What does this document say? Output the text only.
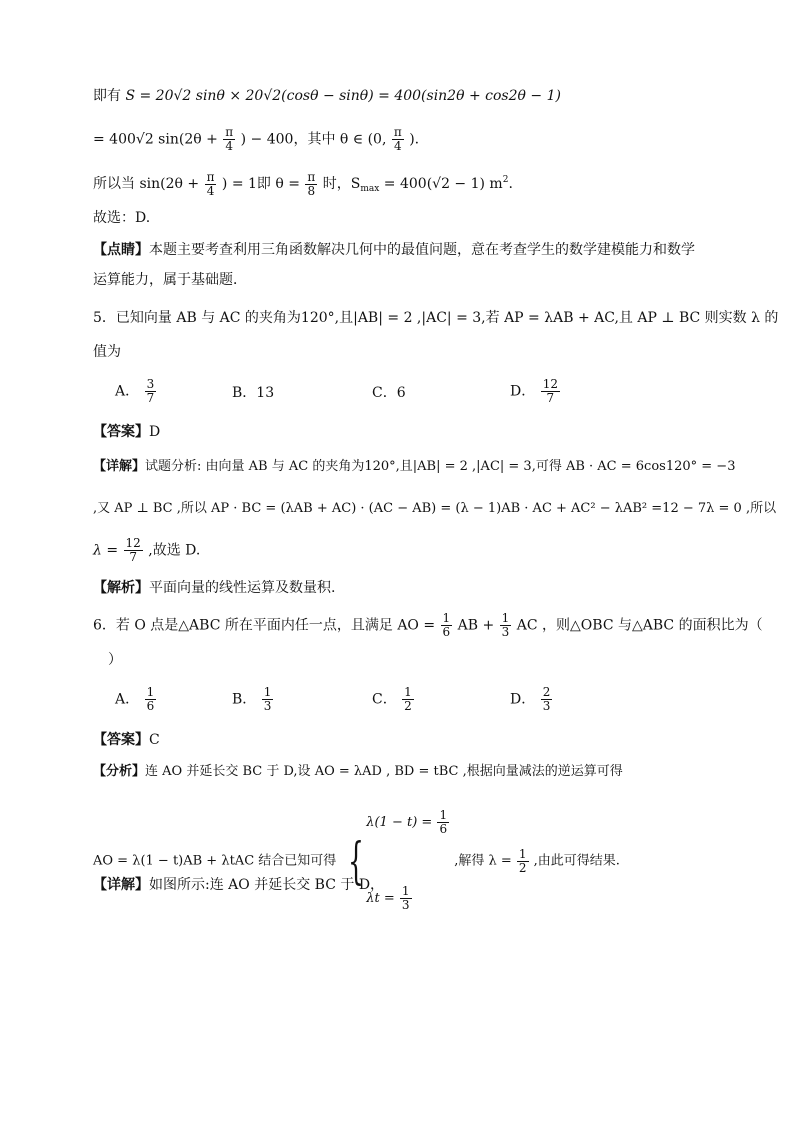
即有 S = 20√2 sinθ × 20√2(cosθ − sinθ) = 400(sin2θ + cos2θ − 1)
= 400√2 $\sin(2\theta + \frac{\pi}{4}$ ) − 400，其中 θ ∈ (0, $\frac{\pi}{4}$ ).
所以当 $\sin(2\theta + \frac{\pi}{4}$ ) = 1即 $\theta = \frac{\pi}{8}$ 时，$S_{max} = 400(√2 - 1)$ $m^2$.
故选：D.
【点睛】本题主要考查利用三角函数解决几何中的最值问题，意在考查学生的数学建模能力和数学
运算能力，属于基础题．
5．已知向量 AB 与 AC 的夹角为120°,且|AB| = 2 ,|AC| = 3,若 AP = λAB + AC,且 AP ⊥ BC 则实数 λ 的
值为
A． $\frac{3}{7}$	B．13	C．6	D． $\frac{12}{7}$
【答案】D
【详解】试题分析: 由向量 AB 与 AC 的夹角为120°,且|AB| = 2 ,|AC| = 3,可得 AB · AC = 6cos120° = −3
,又 AP ⊥ BC ,所以 AP · BC = (λAB + AC) · (AC − AB) = (λ − 1)AB · AC + AC² − λAB² =12 − 7λ = 0 ,所以
$\lambda = \frac{12}{7}$ ,故选 D.
【解析】平面向量的线性运算及数量积.
6．若 O 点是△ABC 所在平面内任一点，且满足 AO = $\frac{1}{6}$ AB + $\frac{1}{3}$ AC ，则△OBC 与△ABC 的面积比为（
）
A． $\frac{1}{6}$	B． $\frac{1}{3}$	C． $\frac{1}{2}$	D． $\frac{2}{3}$
【答案】C
【分析】连 AO 并延长交 BC 于 D,设 AO = λAD , BD = tBC ,根据向量减法的逆运算可得
AO = λ(1 − t)AB + λtAC 结合已知可得 {
$\lambda(1 - t) = \frac{1}{6}$
$\lambda t = \frac{1}{3}$
,解得 $\lambda = \frac{1}{2}$ ,由此可得结果.
【详解】如图所示:连 AO 并延长交 BC 于 D，
